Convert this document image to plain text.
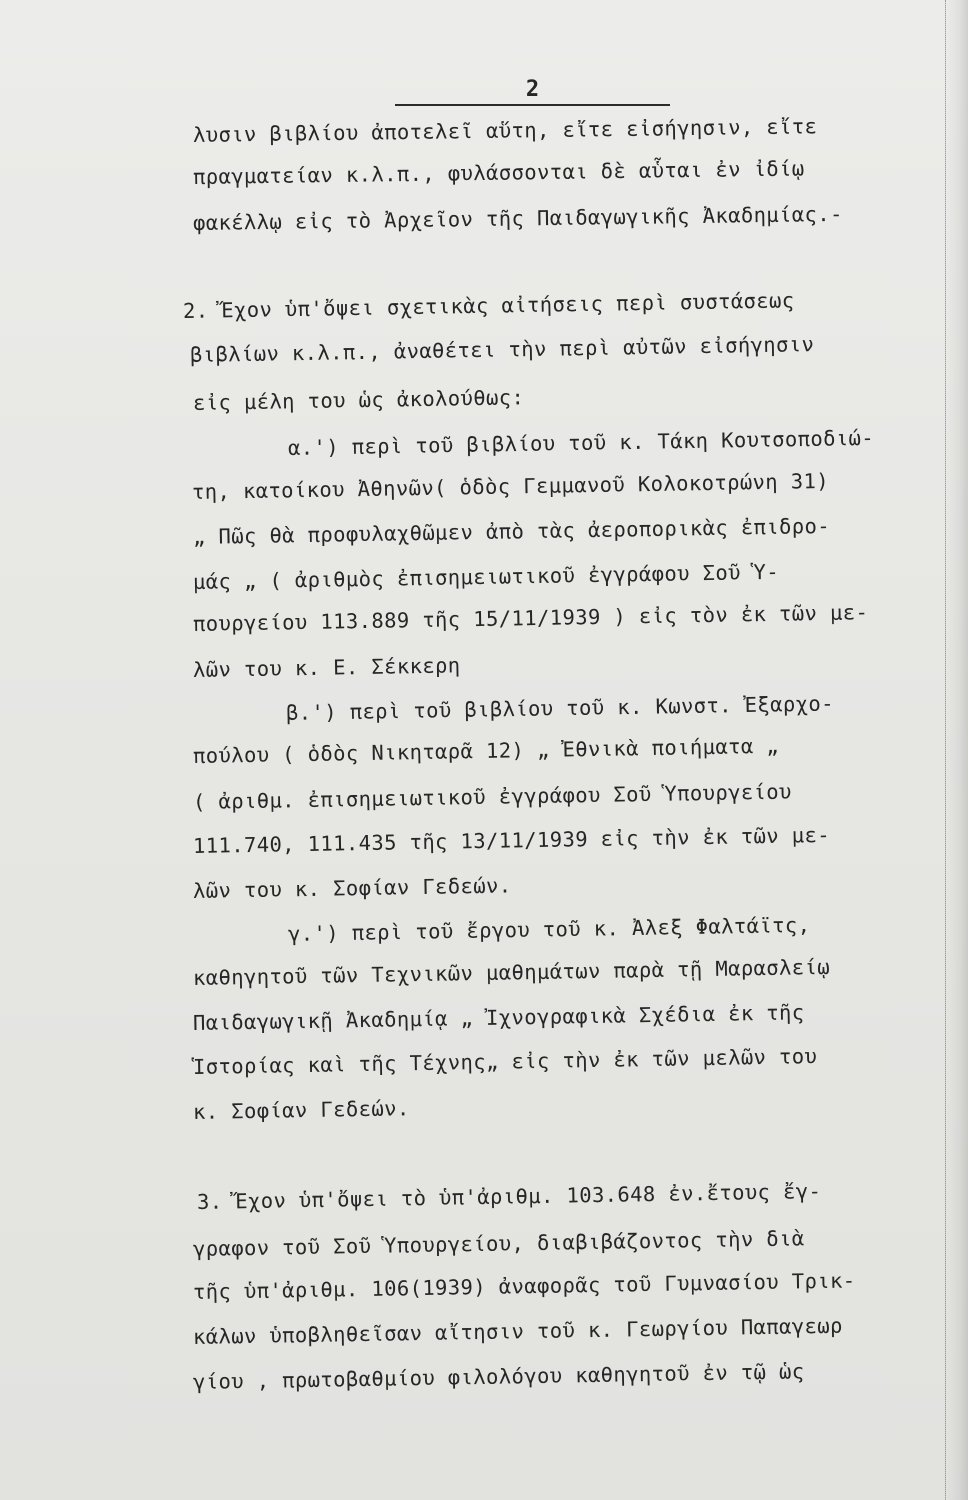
2
λυσιν βιβλίου ἀποτελεῖ αὕτη, εἴτε εἰσήγησιν, εἴτε
πραγματείαν κ.λ.π., φυλάσσονται δὲ αὗται ἐν ἰδίῳ
φακέλλῳ εἰς τὸ Ἀρχεῖον τῆς Παιδαγωγικῆς Ἀκαδημίας.-
2. Ἔχον ὑπ'ὄψει σχετικὰς αἰτήσεις περὶ συστάσεως
βιβλίων κ.λ.π., ἀναθέτει τὴν περὶ αὐτῶν εἰσήγησιν
εἰς μέλη του ὡς ἀκολούθως:
α.') περὶ τοῦ βιβλίου τοῦ κ. Τάκη Κουτσοποδιώ-
τη, κατοίκου Ἀθηνῶν( ὁδὸς Γεμμανοῦ Κολοκοτρώνη 31)
„ Πῶς θὰ προφυλαχθῶμεν ἀπὸ τὰς ἀεροπορικὰς ἐπιδρο-
μάς „ ( ἀριθμὸς ἐπισημειωτικοῦ ἐγγράφου Σοῦ Ὑ-
πουργείου 113.889 τῆς 15/11/1939 ) εἰς τὸν ἐκ τῶν με-
λῶν του κ. Ε. Σέκκερη
β.') περὶ τοῦ βιβλίου τοῦ κ. Κωνστ. Ἐξαρχο-
πούλου ( ὁδὸς Νικηταρᾶ 12) „ Ἐθνικὰ ποιήματα „
( ἀριθμ. ἐπισημειωτικοῦ ἐγγράφου Σοῦ Ὑπουργείου
111.740, 111.435 τῆς 13/11/1939 εἰς τὴν ἐκ τῶν με-
λῶν του κ. Σοφίαν Γεδεών.
γ.') περὶ τοῦ ἔργου τοῦ κ. Ἀλεξ Φαλτάϊτς,
καθηγητοῦ τῶν Τεχνικῶν μαθημάτων παρὰ τῇ Μαρασλείῳ
Παιδαγωγικῇ Ἀκαδημίᾳ „ Ἰχνογραφικὰ Σχέδια ἐκ τῆς
Ἱστορίας καὶ τῆς Τέχνης„ εἰς τὴν ἐκ τῶν μελῶν του
κ. Σοφίαν Γεδεών.
3. Ἔχον ὑπ'ὄψει τὸ ὑπ'ἀριθμ. 103.648 ἐν.ἔτους ἔγ-
γραφον τοῦ Σοῦ Ὑπουργείου, διαβιβάζοντος τὴν διὰ
τῆς ὑπ'ἀριθμ. 106(1939) ἀναφορᾶς τοῦ Γυμνασίου Τρικ-
κάλων ὑποβληθεῖσαν αἴτησιν τοῦ κ. Γεωργίου Παπαγεωρ
γίου , πρωτοβαθμίου φιλολόγου καθηγητοῦ ἐν τῷ ὡς
